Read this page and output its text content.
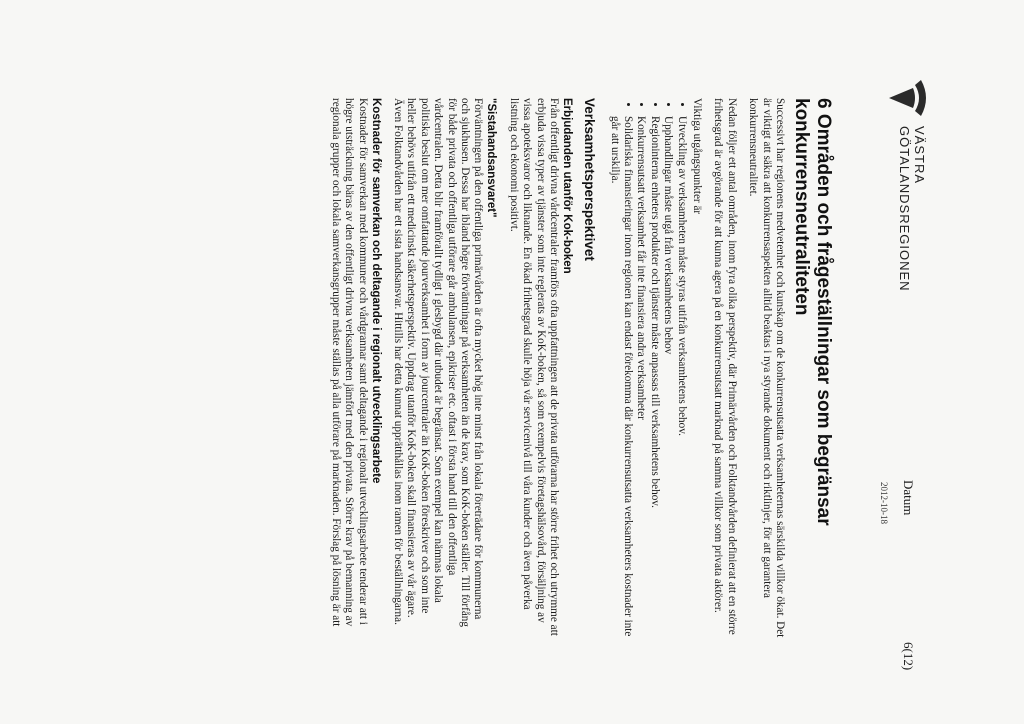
VÄSTRA
GÖTALANDSREGIONEN
Datum
2012-10-18
6(12)
6 Områden och frågeställningar som begränsar konkurrensneutraliteten

Successivt har regionens medvetenhet och kunskap om de konkurrensutsatta verksamheternas särskilda villkor ökat. Det är viktigt att säkra att konkurrensaspekten alltid beaktas i nya styrande dokument och riktlinjer, för att garantera konkurrensneutralitet.

Nedan följer ett antal områden, inom fyra olika perspektiv, där Primärvården och Folktandvården definierat att en större frihetsgrad är avgörande för att kunna agera på en konkurrensutsatt marknad på samma villkor som privata aktörer.

Viktiga utgångspunkter är

• Utveckling av verksamheten måste styras utifrån verksamhetens behov.
• Upphandlingar måste utgå från verksamhetens behov
• Regioninterna enheters produkter och tjänster måste anpassas till verksamhetens behov.
• Konkurrensutsatt verksamhet får inte finansiera andra verksamheter
• Solidariska finansieringar inom regionen kan endast förekomma där konkurrensutsatta verksamheters kostnader inte går att urskilja.
Verksamhetsperspektivet
Erbjudanden utanför Kok-boken

Från offentligt drivna vårdcentraler framförs ofta uppfattningen att de privata utförarna har större frihet och utrymme att erbjuda vissa typer av tjänster som inte reglerats av KoK-boken, så som exempelvis företagshälsovård, försäljning av vissa apoteksvaror och liknande. En ökad frihetsgrad skulle höja vår servicenivå till våra kunder och även påverka listning och ekonomi positivt.

"Sistahandsansvaret"

Förväntningen på den offentliga primärvården är ofta mycket hög inte minst från lokala företrädare för kommunerna och sjukhusen. Dessa har ibland högre förväntningar på verksamheten än de krav, som KoK-boken ställer. Till förfång för både privata och offentliga utförare går ambulansen, epikriser etc. oftast i första hand till den offentliga vårdcentralen. Detta blir framförallt tydligt i glesbygd där utbudet är begränsat. Som exempel kan nämnas lokala politiska beslut om mer omfattande jourverksamhet i form av jourcentraler än KoK-boken föreskriver och som inte heller behövs utifrån ett medicinskt säkerhetsperspektiv. Uppdrag utanför KoK-boken skall finansieras av vår ägare. Även Folktandvården har ett sista handsansvar. Hittills har detta kunnat upprätthållas inom ramen för beställningarna.

Kostnader för samverkan och deltagande i regionalt utvecklingsarbete

Kostnader för samverkan med kommuner och vårdgrannar samt deltagande i regionalt utvecklingsarbete tenderar att i högre utsträckning bäras av den offentligt drivna verksamheten jämfört med den privata. Större krav på bemanning av regionala grupper och lokala samverkansgrupper måste ställas på alla utförare på marknaden. Förslag på lösning är att
